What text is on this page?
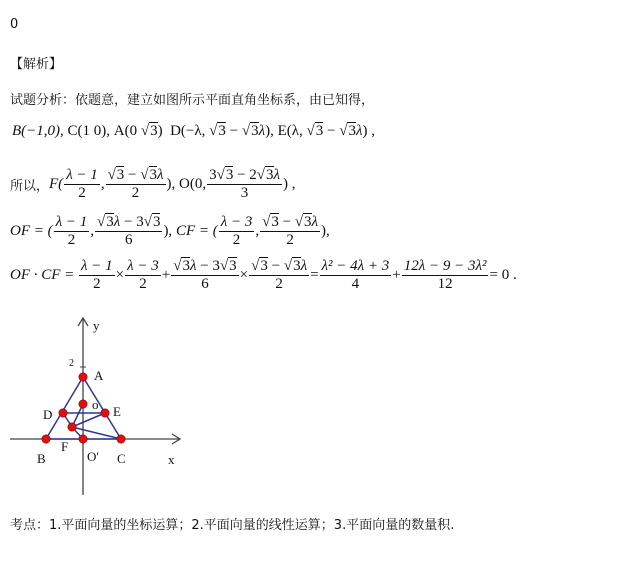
0
【解析】
试题分析：依题意，建立如图所示平面直角坐标系，由已知得，
B(−1,0) , C(1 0) , A(0
√ 3 ) D(−λ,
√ 3 − √ 3 λ ), E(λ,
√ 3 − √ 3 λ ) ,
所以， $F( \frac{\lambda - 1}{2}$ , √ $\frac{3 - √ 3\lambda}{2}$ ), O(0, $\frac{3 √ 3 - 2 √ 3\lambda}{3}$ ) ,
OF = ( $\frac{\lambda - 1}{2}$ , √ $\frac{3\lambda - 3 √ 3}{6}$ ), CF = ( $\frac{\lambda - 3}{2}$ , √ $\frac{3 - √ 3\lambda}{2}$ ),
OF · CF =
$\frac{\lambda - 1}{2} \times \frac{\lambda - 3}{2}$ + √ $\frac{3\lambda - 3 √ 3}{6}$ × √ $\frac{3 - √ 3\lambda}{2} = \frac{\text{λ² − 4λ + 3}}{4} + \frac{\text{12λ − 9 − 3λ²}}{12} = 0$ .
y
x
2
A
D
o E
B
F
O' C
考点：1.平面向量的坐标运算；2.平面向量的线性运算；3.平面向量的数量积.
